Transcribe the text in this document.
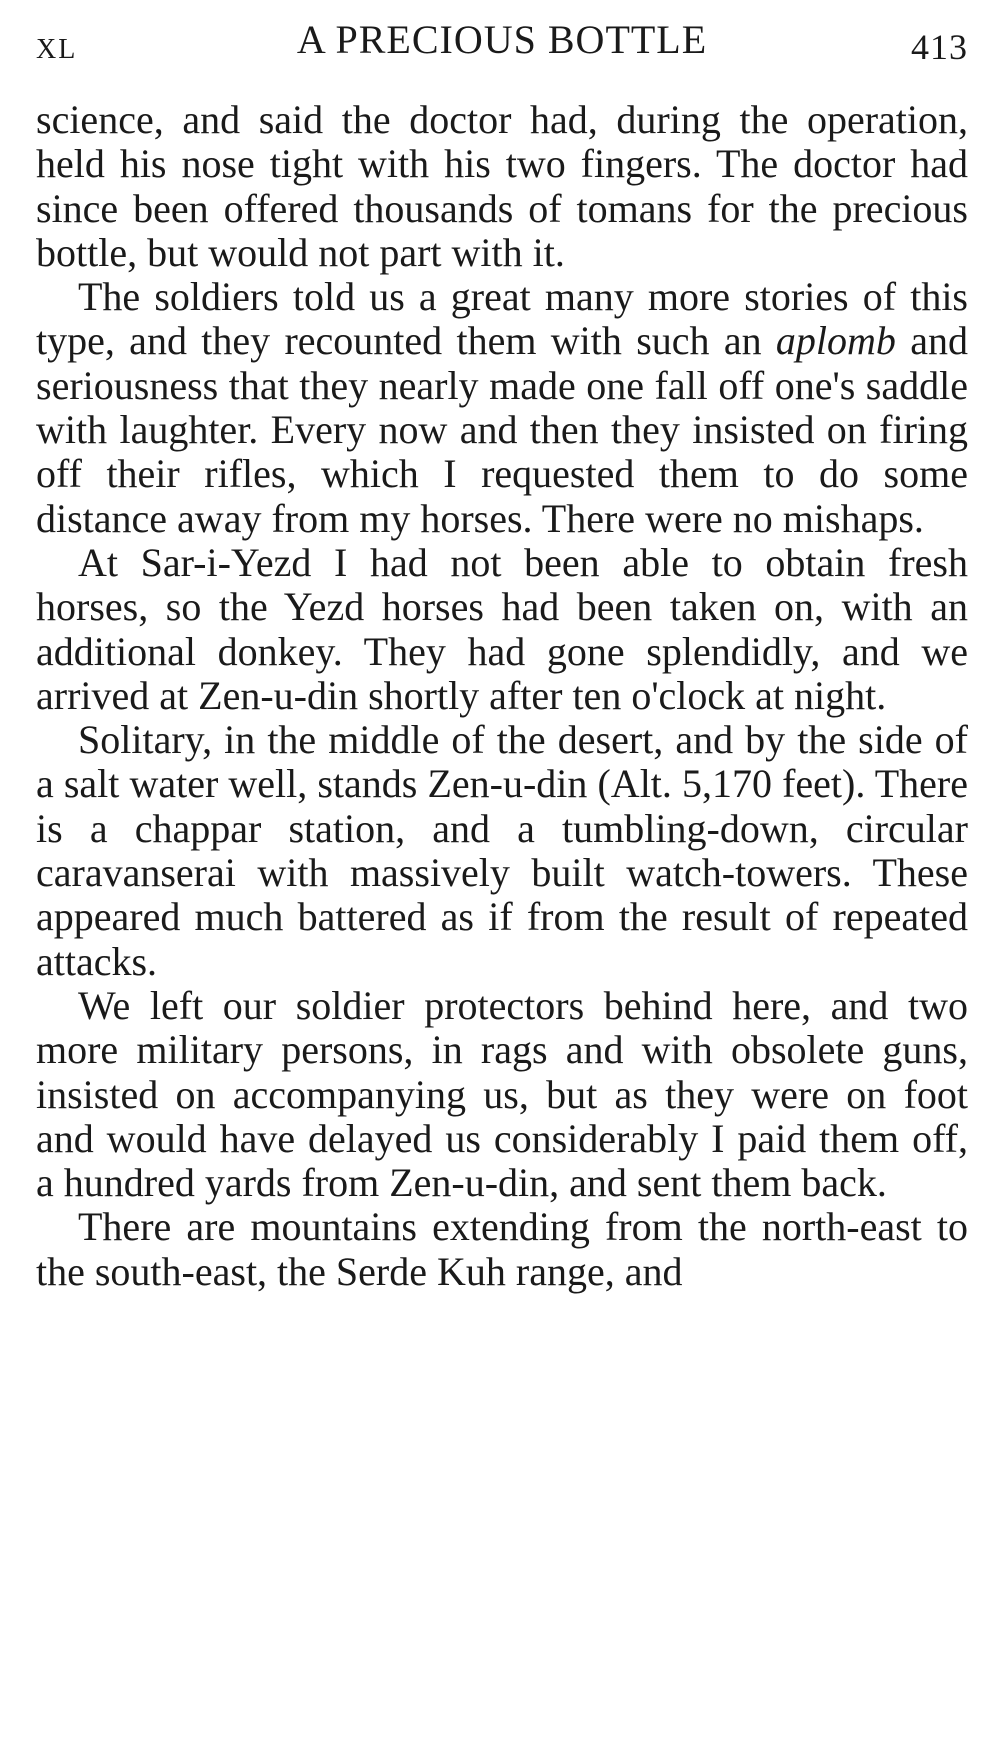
XL	A PRECIOUS BOTTLE	413

science, and said the doctor had, during the operation, held his nose tight with his two fingers. The doctor had since been offered thousands of tomans for the precious bottle, but would not part with it.

The soldiers told us a great many more stories of this type, and they recounted them with such an aplomb and seriousness that they nearly made one fall off one's saddle with laughter. Every now and then they insisted on firing off their rifles, which I requested them to do some distance away from my horses. There were no mishaps.

At Sar-i-Yezd I had not been able to obtain fresh horses, so the Yezd horses had been taken on, with an additional donkey. They had gone splendidly, and we arrived at Zen-u-din shortly after ten o'clock at night.

Solitary, in the middle of the desert, and by the side of a salt water well, stands Zen-u-din (Alt. 5,170 feet). There is a chappar station, and a tumbling-down, circular caravanserai with massively built watch-towers. These appeared much battered as if from the result of repeated attacks.

We left our soldier protectors behind here, and two more military persons, in rags and with obsolete guns, insisted on accompanying us, but as they were on foot and would have delayed us considerably I paid them off, a hundred yards from Zen-u-din, and sent them back.

There are mountains extending from the north-east to the south-east, the Serde Kuh range, and
